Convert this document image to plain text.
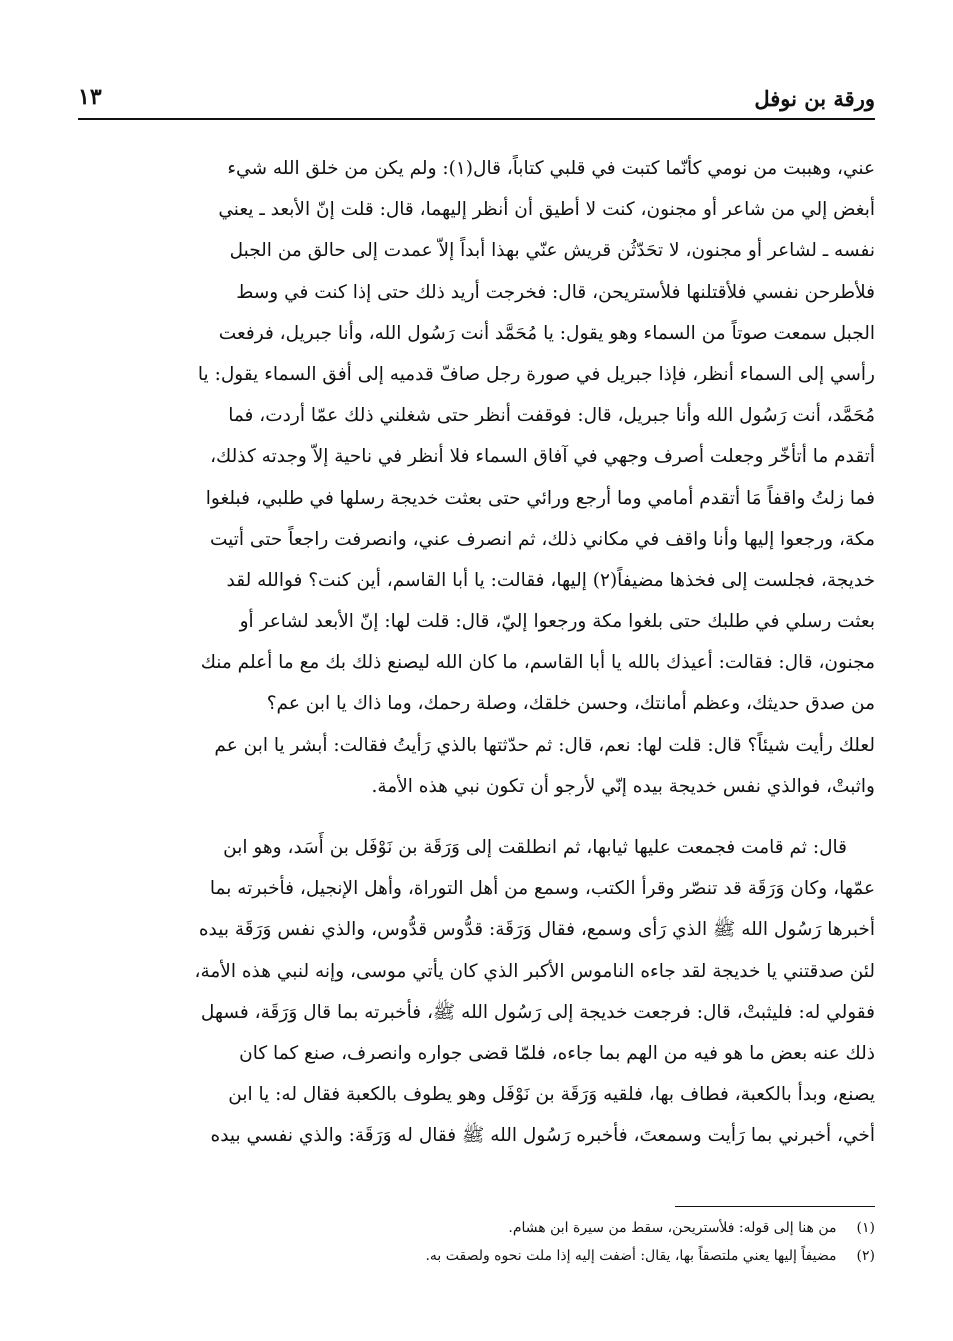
ورقة بن نوفل
١٣

عني، وهببت من نومي كأنّما كتبت في قلبي كتاباً، قال(١): ولم يكن من خلق الله شيء
أبغض إلي من شاعر أو مجنون، كنت لا أطيق أن أنظر إليهما، قال: قلت إنّ الأبعد ـ يعني
نفسه ـ لشاعر أو مجنون، لا تحَدّثُن قريش عنّي بهذا أبداً إلاّ عمدت إلى حالق من الجبل
فلأطرحن نفسي فلأقتلنها فلأستريحن، قال: فخرجت أريد ذلك حتى إذا كنت في وسط
الجبل سمعت صوتاً من السماء وهو يقول: يا مُحَمَّد أنت رَسُول الله، وأنا جبريل، فرفعت
رأسي إلى السماء أنظر، فإذا جبريل في صورة رجل صافّ قدميه إلى أفق السماء يقول: يا
مُحَمَّد، أنت رَسُول الله وأنا جبريل، قال: فوقفت أنظر حتى شغلني ذلك عمّا أردت، فما
أتقدم ما أتأخّر وجعلت أصرف وجهي في آفاق السماء فلا أنظر في ناحية إلاّ وجدته كذلك،
فما زلتُ واقفاً مَا أتقدم أمامي وما أرجع ورائي حتى بعثت خديجة رسلها في طلبي، فبلغوا
مكة، ورجعوا إليها وأنا واقف في مكاني ذلك، ثم انصرف عني، وانصرفت راجعاً حتى أتيت
خديجة، فجلست إلى فخذها مضيفاً(٢) إليها، فقالت: يا أبا القاسم، أين كنت؟ فوالله لقد
بعثت رسلي في طلبك حتى بلغوا مكة ورجعوا إليّ، قال: قلت لها: إنّ الأبعد لشاعر أو
مجنون، قال: فقالت: أعيذك بالله يا أبا القاسم، ما كان الله ليصنع ذلك بك مع ما أعلم منك
من صدق حديثك، وعظم أمانتك، وحسن خلقك، وصلة رحمك، وما ذاك يا ابن عم؟
لعلك رأيت شيئاً؟ قال: قلت لها: نعم، قال: ثم حدّثتها بالذي رَأيتُ فقالت: أبشر يا ابن عم
واثبتْ، فوالذي نفس خديجة بيده إنّي لأرجو أن تكون نبي هذه الأمة.

قال: ثم قامت فجمعت عليها ثيابها، ثم انطلقت إلى وَرَقَة بن نَوْفَل بن أَسَد، وهو ابن
عمّها، وكان وَرَقَة قد تنصّر وقرأ الكتب، وسمع من أهل التوراة، وأهل الإنجيل، فأخبرته بما
أخبرها رَسُول الله ﷺ الذي رَأى وسمع، فقال وَرَقَة: قدُّوس قدُّوس، والذي نفس وَرَقَة بيده
لئن صدقتني يا خديجة لقد جاءه الناموس الأكبر الذي كان يأتي موسى، وإنه لنبي هذه الأمة،
فقولي له: فليثبتْ، قال: فرجعت خديجة إلى رَسُول الله ﷺ، فأخبرته بما قال وَرَقَة، فسهل
ذلك عنه بعض ما هو فيه من الهم بما جاءه، فلمّا قضى جواره وانصرف، صنع كما كان
يصنع، وبدأ بالكعبة، فطاف بها، فلقيه وَرَقَة بن نَوْفَل وهو يطوف بالكعبة فقال له: يا ابن
أخي، أخبرني بما رَأيت وسمعتَ، فأخبره رَسُول الله ﷺ فقال له وَرَقَة: والذي نفسي بيده

(١) من هنا إلى قوله: فلأستريحن، سقط من سيرة ابن هشام.
(٢) مضيفاً إليها يعني ملتصقاً بها، يقال: أضفت إليه إذا ملت نحوه ولصقت به.
